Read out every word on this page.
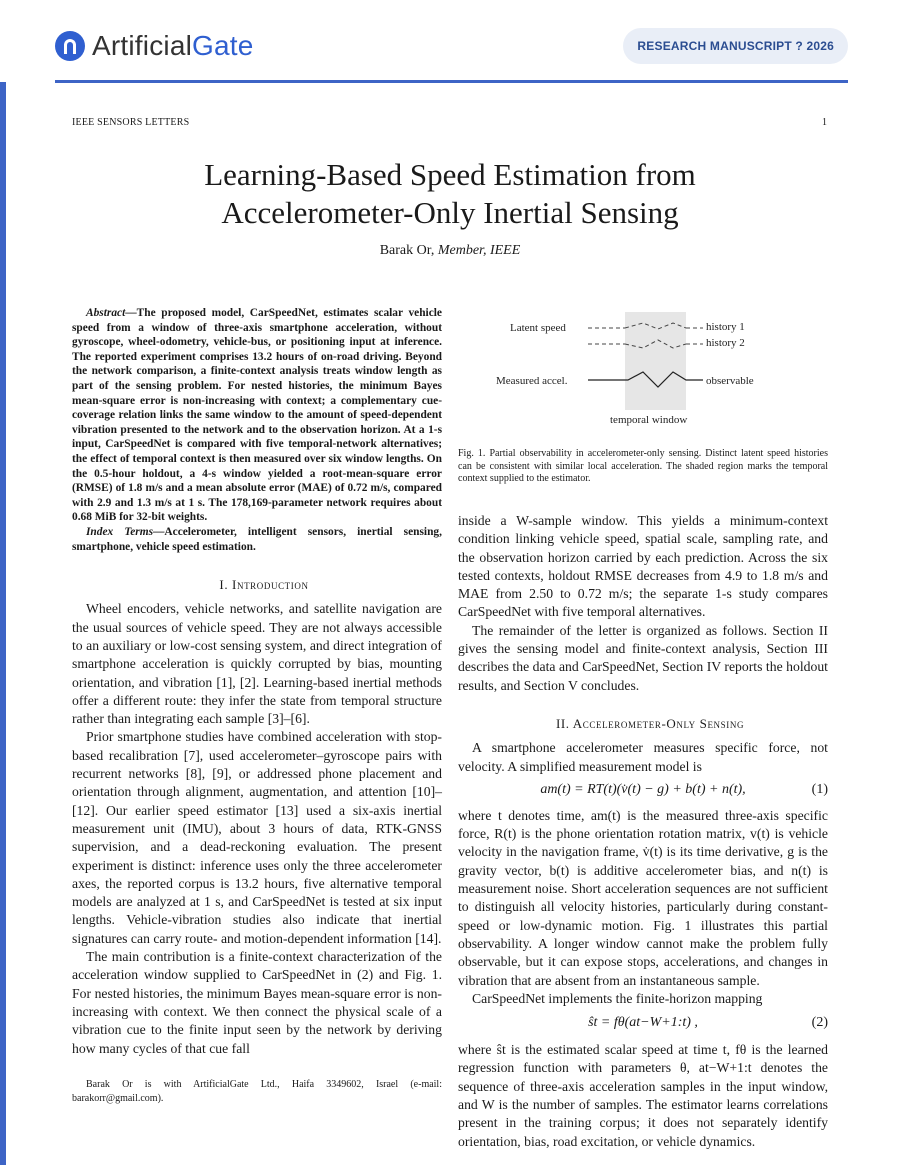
ArtificialGate	RESEARCH MANUSCRIPT ? 2026
IEEE SENSORS LETTERS	1
Learning-Based Speed Estimation from
Accelerometer-Only Inertial Sensing
Barak Or, Member, IEEE

Abstract—The proposed model, CarSpeedNet, estimates scalar vehicle speed from a window of three-axis smartphone acceleration, without gyroscope, wheel-odometry, vehicle-bus, or positioning input at inference. The reported experiment comprises 13.2 hours of on-road driving. Beyond the network comparison, a finite-context analysis treats window length as part of the sensing problem. For nested histories, the minimum Bayes mean-square error is non-increasing with context; a complementary cue-coverage relation links the same window to the amount of speed-dependent vibration presented to the network and to the observation horizon. At a 1-s input, CarSpeedNet is compared with five temporal-network alternatives; the effect of temporal context is then measured over six window lengths. On the 0.5-hour holdout, a 4-s window yielded a root-mean-square error (RMSE) of 1.8 m/s and a mean absolute error (MAE) of 0.72 m/s, compared with 2.9 and 1.3 m/s at 1 s. The 178,169-parameter network requires about 0.68 MiB for 32-bit weights.

Index Terms—Accelerometer, intelligent sensors, inertial sensing, smartphone, vehicle speed estimation.

I. Introduction

Wheel encoders, vehicle networks, and satellite navigation are the usual sources of vehicle speed. They are not always accessible to an auxiliary or low-cost sensing system, and direct integration of smartphone acceleration is quickly corrupted by bias, mounting orientation, and vibration [1], [2]. Learning-based inertial methods offer a different route: they infer the state from temporal structure rather than integrating each sample [3]–[6].

Prior smartphone studies have combined acceleration with stop-based recalibration [7], used accelerometer–gyroscope pairs with recurrent networks [8], [9], or addressed phone placement and orientation through alignment, augmentation, and attention [10]–[12]. Our earlier speed estimator [13] used a six-axis inertial measurement unit (IMU), about 3 hours of data, RTK-GNSS supervision, and a dead-reckoning evaluation. The present experiment is distinct: inference uses only the three accelerometer axes, the reported corpus is 13.2 hours, five alternative temporal models are analyzed at 1 s, and CarSpeedNet is tested at six input lengths. Vehicle-vibration studies also indicate that inertial signatures can carry route- and motion-dependent information [14].

The main contribution is a finite-context characterization of the acceleration window supplied to CarSpeedNet in (2) and Fig. 1. For nested histories, the minimum Bayes mean-square error is non-increasing with context. We then connect the physical scale of a vibration cue to the finite input seen by the network by deriving how many cycles of that cue fall

Barak Or is with ArtificialGate Ltd., Haifa 3349602, Israel (e-mail: barakorr@gmail.com).
Latent speed	history 1
history 2
Measured accel.	observable
temporal window
Fig. 1. Partial observability in accelerometer-only sensing. Distinct latent speed histories can be consistent with similar local acceleration. The shaded region marks the temporal context supplied to the estimator.

inside a W-sample window. This yields a minimum-context condition linking vehicle speed, spatial scale, sampling rate, and the observation horizon carried by each prediction. Across the six tested contexts, holdout RMSE decreases from 4.9 to 1.8 m/s and MAE from 2.50 to 0.72 m/s; the separate 1-s study compares CarSpeedNet with five temporal alternatives.

The remainder of the letter is organized as follows. Section II gives the sensing model and finite-context analysis, Section III describes the data and CarSpeedNet, Section IV reports the holdout results, and Section V concludes.

II. Accelerometer-Only Sensing

A smartphone accelerometer measures specific force, not velocity. A simplified measurement model is

am(t) = RT(t)(v̇(t) − g) + b(t) + n(t),	(1)

where t denotes time, am(t) is the measured three-axis specific force, R(t) is the phone orientation rotation matrix, v(t) is vehicle velocity in the navigation frame, v̇(t) is its time derivative, g is the gravity vector, b(t) is additive accelerometer bias, and n(t) is measurement noise. Short acceleration sequences are not sufficient to distinguish all velocity histories, particularly during constant-speed or low-dynamic motion. Fig. 1 illustrates this partial observability. A longer window cannot make the problem fully observable, but it can expose stops, accelerations, and changes in vibration that are absent from an instantaneous sample.

CarSpeedNet implements the finite-horizon mapping

ŝt = fθ(at−W+1:t) ,	(2)

where ŝt is the estimated scalar speed at time t, fθ is the learned regression function with parameters θ, at−W+1:t denotes the sequence of three-axis acceleration samples in the input window, and W is the number of samples. The estimator learns correlations present in the training corpus; it does not separately identify orientation, bias, road excitation, or vehicle dynamics.
